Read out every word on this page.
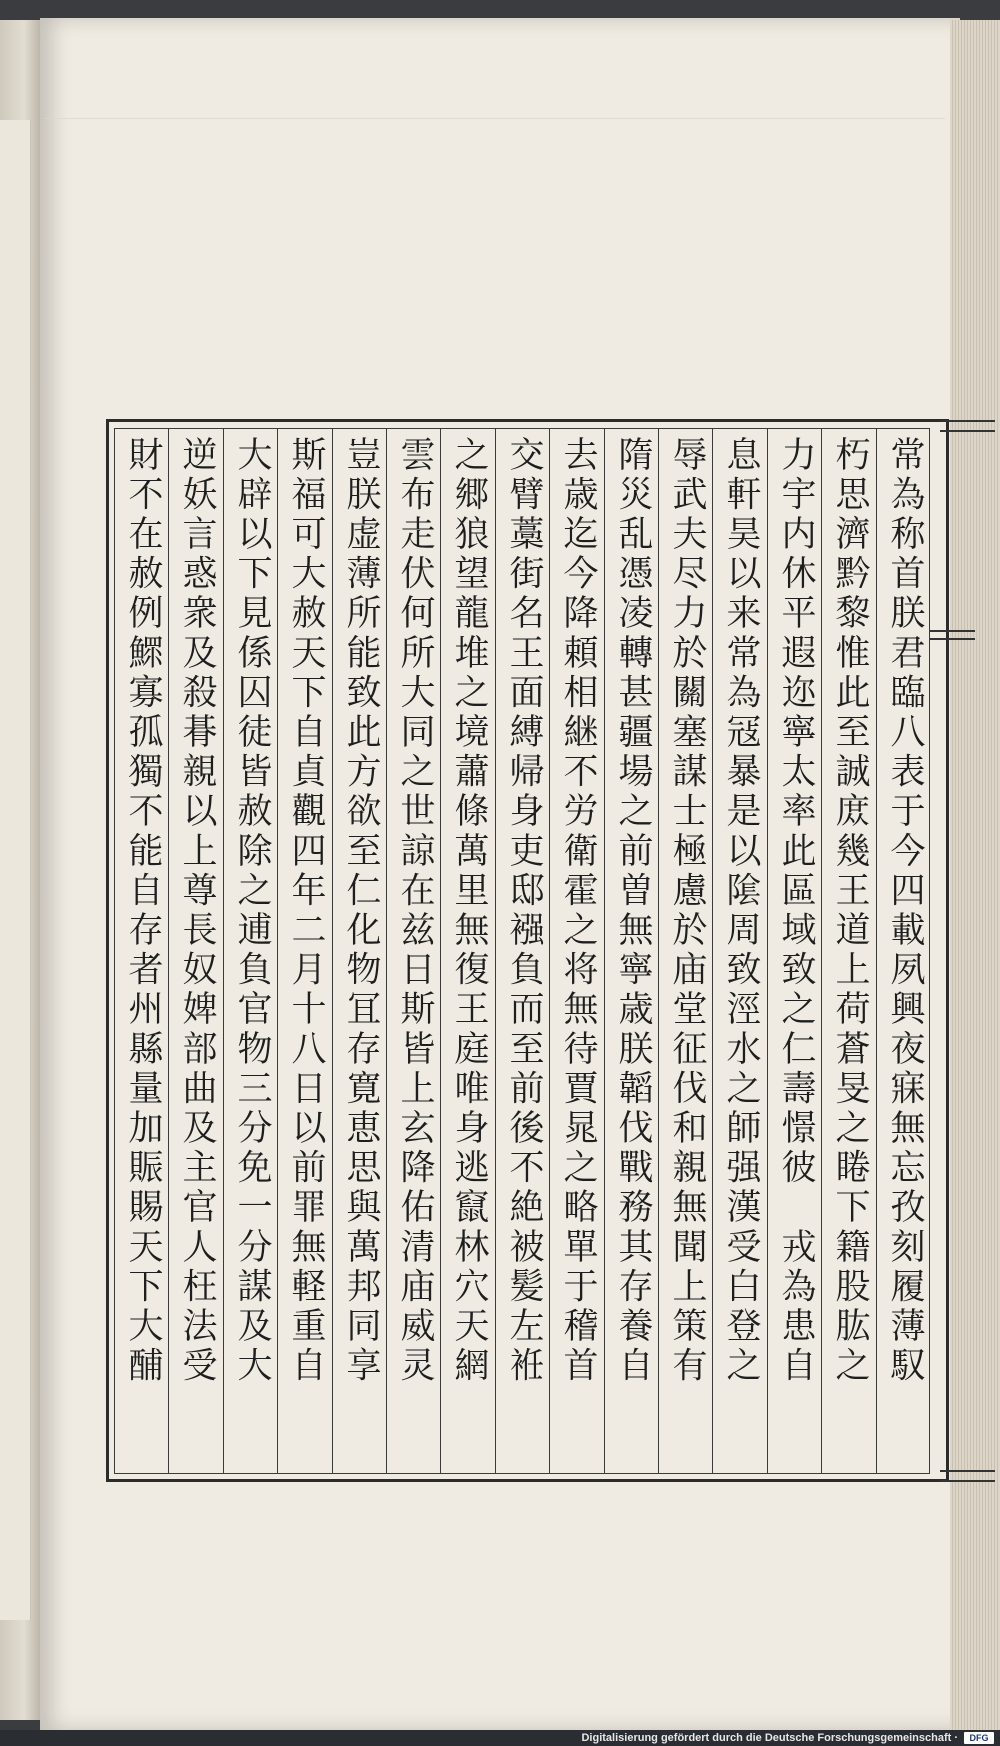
常為称首朕君臨八表于今四載夙興夜寐無忘孜刻履薄馭
朽思濟黔黎惟此至誠庻幾王道上荷蒼旻之睠下籍股肱之
力宇内休平遐迩寧太率此區域致之仁壽憬彼　戎為患自
息軒昊以来常為冦暴是以隂周致涇水之師强漢受白登之
辱武夫尽力於關塞謀士極慮於庙堂征伐和親無聞上策有
隋災乱憑凌轉甚疆場之前曽無寧歳朕韜伐戰務其存養自
去歳迄今降頼相継不労衛霍之将無待賈晁之略單于稽首
交臂藁街名王面縛帰身吏邸襁負而至前後不絶被髪左袵
之郷狼望龍堆之境蕭條萬里無復王庭唯身逃竄林穴天網
雲布走伏何所大同之世諒在兹日斯皆上玄降佑清庙威灵
豈朕虚薄所能致此方欲至仁化物冝存寛恵思與萬邦同享
斯福可大赦天下自貞觀四年二月十八日以前罪無軽重自
大辟以下見係囚徒皆赦除之逋負官物三分免一分謀及大
逆妖言惑衆及殺朞親以上尊長奴婢部曲及主官人枉法受
財不在赦例鰥寡孤獨不能自存者州縣量加賑賜天下大酺
Digitalisierung gefördert durch die Deutsche Forschungsgemeinschaft ·	DFG
